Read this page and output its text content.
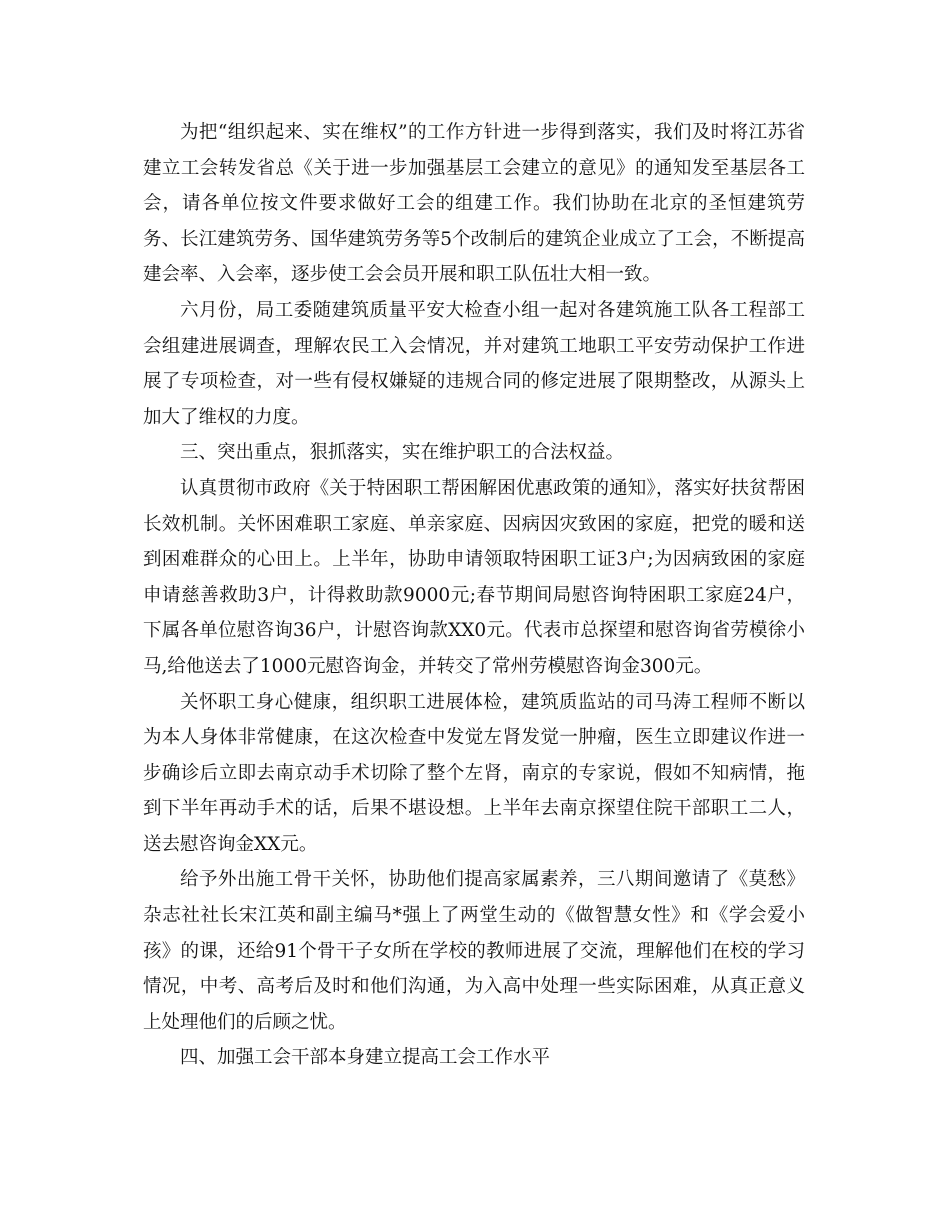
为把“组织起来、实在维权”的工作方针进一步得到落实，我们及时将江苏省建立工会转发省总《关于进一步加强基层工会建立的意见》的通知发至基层各工会，请各单位按文件要求做好工会的组建工作。我们协助在北京的圣恒建筑劳务、长江建筑劳务、国华建筑劳务等5个改制后的建筑企业成立了工会，不断提高建会率、入会率，逐步使工会会员开展和职工队伍壮大相一致。

六月份，局工委随建筑质量平安大检查小组一起对各建筑施工队各工程部工会组建进展调查，理解农民工入会情况，并对建筑工地职工平安劳动保护工作进展了专项检查，对一些有侵权嫌疑的违规合同的修定进展了限期整改，从源头上加大了维权的力度。

三、突出重点，狠抓落实，实在维护职工的合法权益。

认真贯彻市政府《关于特困职工帮困解困优惠政策的通知》，落实好扶贫帮困长效机制。关怀困难职工家庭、单亲家庭、因病因灾致困的家庭，把党的暖和送到困难群众的心田上。上半年，协助申请领取特困职工证3户;为因病致困的家庭申请慈善救助3户，计得救助款9000元;春节期间局慰咨询特困职工家庭24户，下属各单位慰咨询36户，计慰咨询款XX0元。代表市总探望和慰咨询省劳模徐小马,给他送去了1000元慰咨询金，并转交了常州劳模慰咨询金300元。

关怀职工身心健康，组织职工进展体检，建筑质监站的司马涛工程师不断以为本人身体非常健康，在这次检查中发觉左肾发觉一肿瘤，医生立即建议作进一步确诊后立即去南京动手术切除了整个左肾，南京的专家说，假如不知病情，拖到下半年再动手术的话，后果不堪设想。上半年去南京探望住院干部职工二人，送去慰咨询金XX元。

给予外出施工骨干关怀，协助他们提高家属素养，三八期间邀请了《莫愁》杂志社社长宋江英和副主编马*强上了两堂生动的《做智慧女性》和《学会爱小孩》的课，还给91个骨干子女所在学校的教师进展了交流，理解他们在校的学习情况，中考、高考后及时和他们沟通，为入高中处理一些实际困难，从真正意义上处理他们的后顾之忧。

四、加强工会干部本身建立提高工会工作水平
